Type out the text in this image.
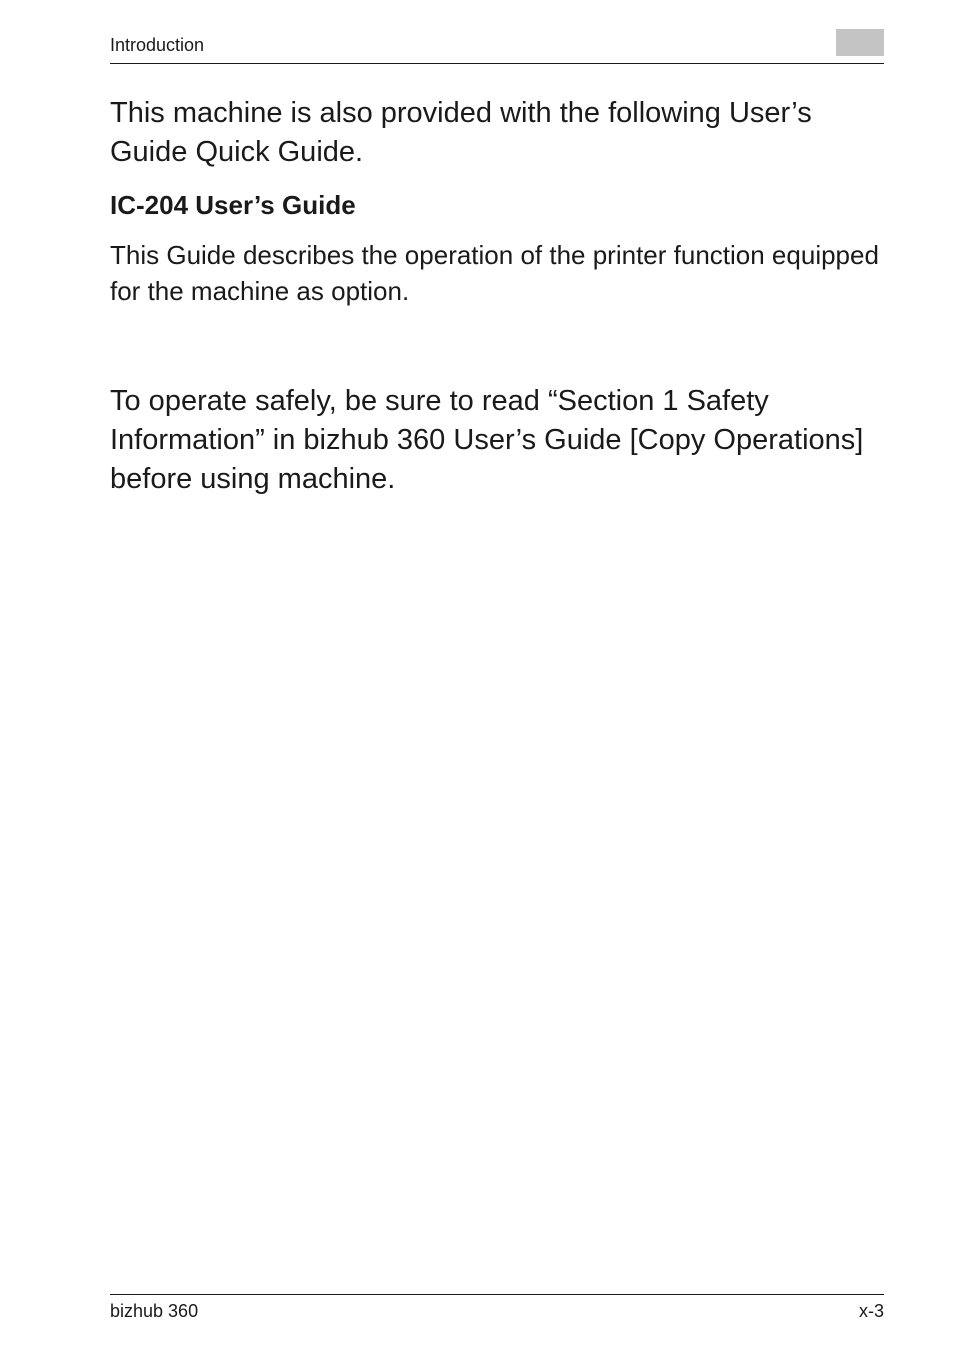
Introduction

This machine is also provided with the following User’s Guide Quick Guide.

IC-204 User’s Guide

This Guide describes the operation of the printer function equipped for the machine as option.

To operate safely, be sure to read “Section 1 Safety Information” in bizhub 360 User’s Guide [Copy Operations] before using machine.

bizhub 360	x-3
